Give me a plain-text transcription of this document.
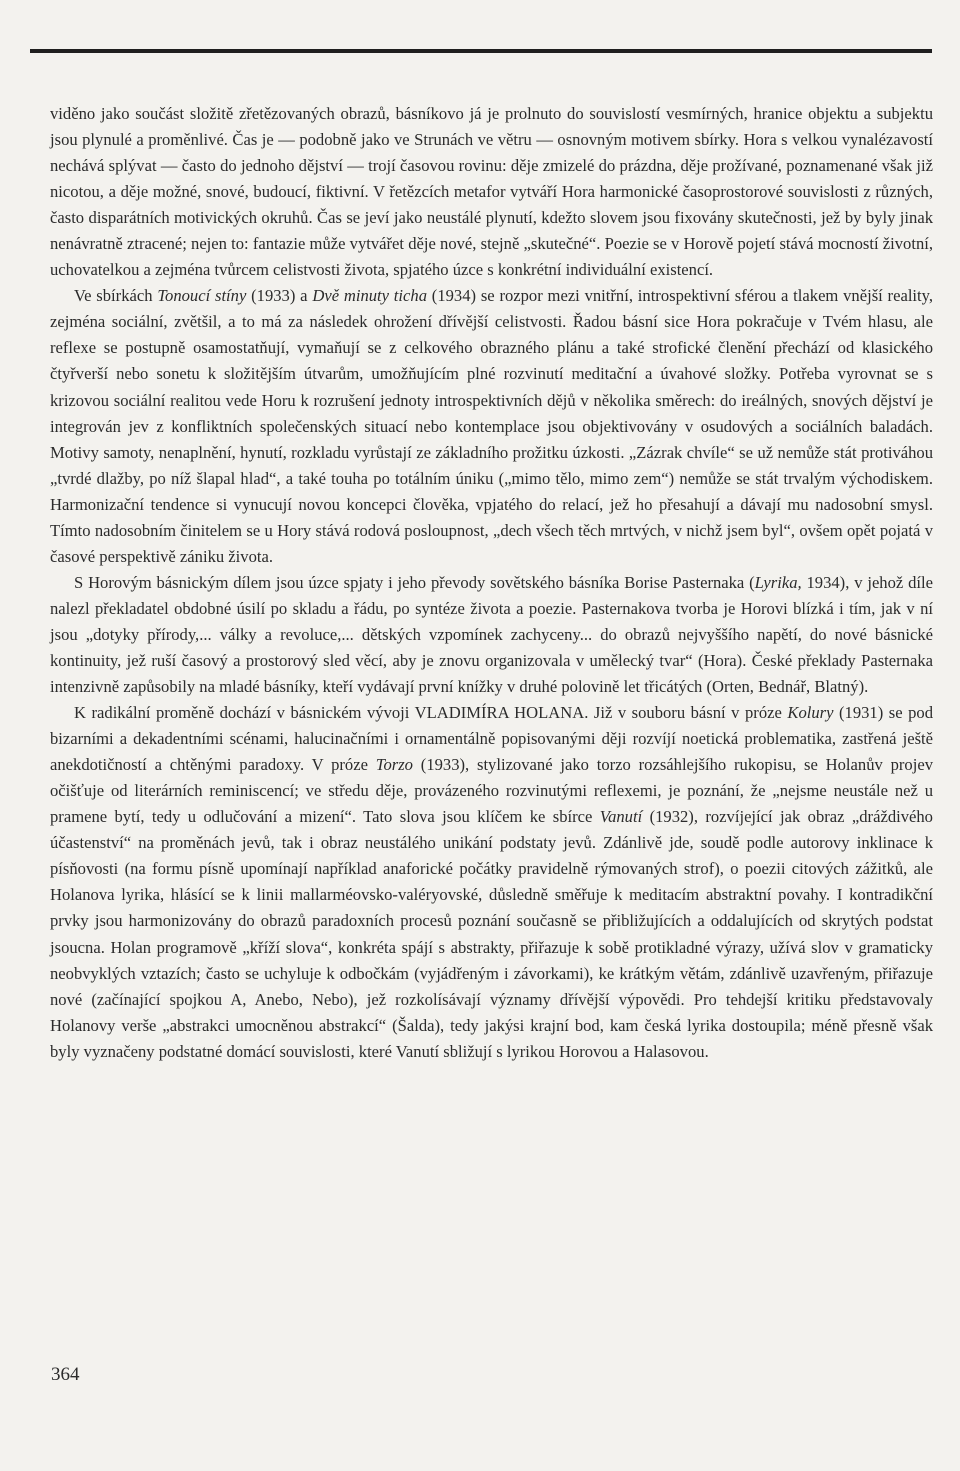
viděno jako součást složitě zřetězovaných obrazů, básníkovo já je prolnuto do souvislostí vesmírných, hranice objektu a subjektu jsou plynulé a proměnlivé. Čas je — podobně jako ve Strunách ve větru — osnovným motivem sbírky. Hora s velkou vynalézavostí nechává splývat — často do jednoho dějství — trojí časovou rovinu: děje zmizelé do prázdna, děje prožívané, poznamenané však již nicotou, a děje možné, snové, budoucí, fiktivní. V řetězcích metafor vytváří Hora harmonické časoprostorové souvislosti z různých, často disparátních motivických okruhů. Čas se jeví jako neustálé plynutí, kdežto slovem jsou fixovány skutečnosti, jež by byly jinak nenávratně ztracené; nejen to: fantazie může vytvářet děje nové, stejně „skutečné“. Poezie se v Horově pojetí stává mocností životní, uchovatelkou a zejména tvůrcem celistvosti života, spjatého úzce s konkrétní individuální existencí.

Ve sbírkách Tonoucí stíny (1933) a Dvě minuty ticha (1934) se rozpor mezi vnitřní, introspektivní sférou a tlakem vnější reality, zejména sociální, zvětšil, a to má za následek ohrožení dřívější celistvosti. Řadou básní sice Hora pokračuje v Tvém hlasu, ale reflexe se postupně osamostatňují, vymaňují se z celkového obrazného plánu a také strofické členění přechází od klasického čtyřverší nebo sonetu k složitějším útvarům, umožňujícím plné rozvinutí meditační a úvahové složky. Potřeba vyrovnat se s krizovou sociální realitou vede Horu k rozrušení jednoty introspektivních dějů v několika směrech: do ireálných, snových dějství je integrován jev z konfliktních společenských situací nebo kontemplace jsou objektivovány v osudových a sociálních baladách. Motivy samoty, nenaplnění, hynutí, rozkladu vyrůstají ze základního prožitku úzkosti. „Zázrak chvíle“ se už nemůže stát protiváhou „tvrdé dlažby, po níž šlapal hlad“, a také touha po totálním úniku („mimo tělo, mimo zem“) nemůže se stát trvalým východiskem. Harmonizační tendence si vynucují novou koncepci člověka, vpjatého do relací, jež ho přesahují a dávají mu nadosobní smysl. Tímto nadosobním činitelem se u Hory stává rodová posloupnost, „dech všech těch mrtvých, v nichž jsem byl“, ovšem opět pojatá v časové perspektivě zániku života.

S Horovým básnickým dílem jsou úzce spjaty i jeho převody sovětského básníka Borise Pasternaka (Lyrika, 1934), v jehož díle nalezl překladatel obdobné úsilí po skladu a řádu, po syntéze života a poezie. Pasternakova tvorba je Horovi blízká i tím, jak v ní jsou „dotyky přírody,... války a revoluce,... dětských vzpomínek zachyceny... do obrazů nejvyššího napětí, do nové básnické kontinuity, jež ruší časový a prostorový sled věcí, aby je znovu organizovala v umělecký tvar“ (Hora). České překlady Pasternaka intenzivně zapůsobily na mladé básníky, kteří vydávají první knížky v druhé polovině let třicátých (Orten, Bednář, Blatný).

K radikální proměně dochází v básnickém vývoji VLADIMÍRA HOLANA. Již v souboru básní v próze Kolury (1931) se pod bizarními a dekadentními scénami, halucinačními i ornamentálně popisovanými ději rozvíjí noetická problematika, zastřená ještě anekdotičností a chtěnými paradoxy. V próze Torzo (1933), stylizované jako torzo rozsáhlejšího rukopisu, se Holanův projev očišťuje od literárních reminiscencí; ve středu děje, provázeného rozvinutými reflexemi, je poznání, že „nejsme neustále než u pramene bytí, tedy u odlučování a mizení“. Tato slova jsou klíčem ke sbírce Vanutí (1932), rozvíjející jak obraz „dráždivého účastenství“ na proměnách jevů, tak i obraz neustálého unikání podstaty jevů. Zdánlivě jde, soudě podle autorovy inklinace k písňovosti (na formu písně upomínají například anaforické počátky pravidelně rýmovaných strof), o poezii citových zážitků, ale Holanova lyrika, hlásící se k linii mallarméovsko-valéryovské, důsledně směřuje k meditacím abstraktní povahy. I kontradikční prvky jsou harmonizovány do obrazů paradoxních procesů poznání současně se přibližujících a oddalujících od skrytých podstat jsoucna. Holan programově „kříží slova“, konkréta spájí s abstrakty, přiřazuje k sobě protikladné výrazy, užívá slov v gramaticky neobvyklých vztazích; často se uchyluje k odbočkám (vyjádřeným i závorkami), ke krátkým větám, zdánlivě uzavřeným, přiřazuje nové (začínající spojkou A, Anebo, Nebo), jež rozkolísávají významy dřívější výpovědi. Pro tehdejší kritiku představovaly Holanovy verše „abstrakci umocněnou abstrakcí“ (Šalda), tedy jakýsi krajní bod, kam česká lyrika dostoupila; méně přesně však byly vyznačeny podstatné domácí souvislosti, které Vanutí sbližují s lyrikou Horovou a Halasovou.

364
